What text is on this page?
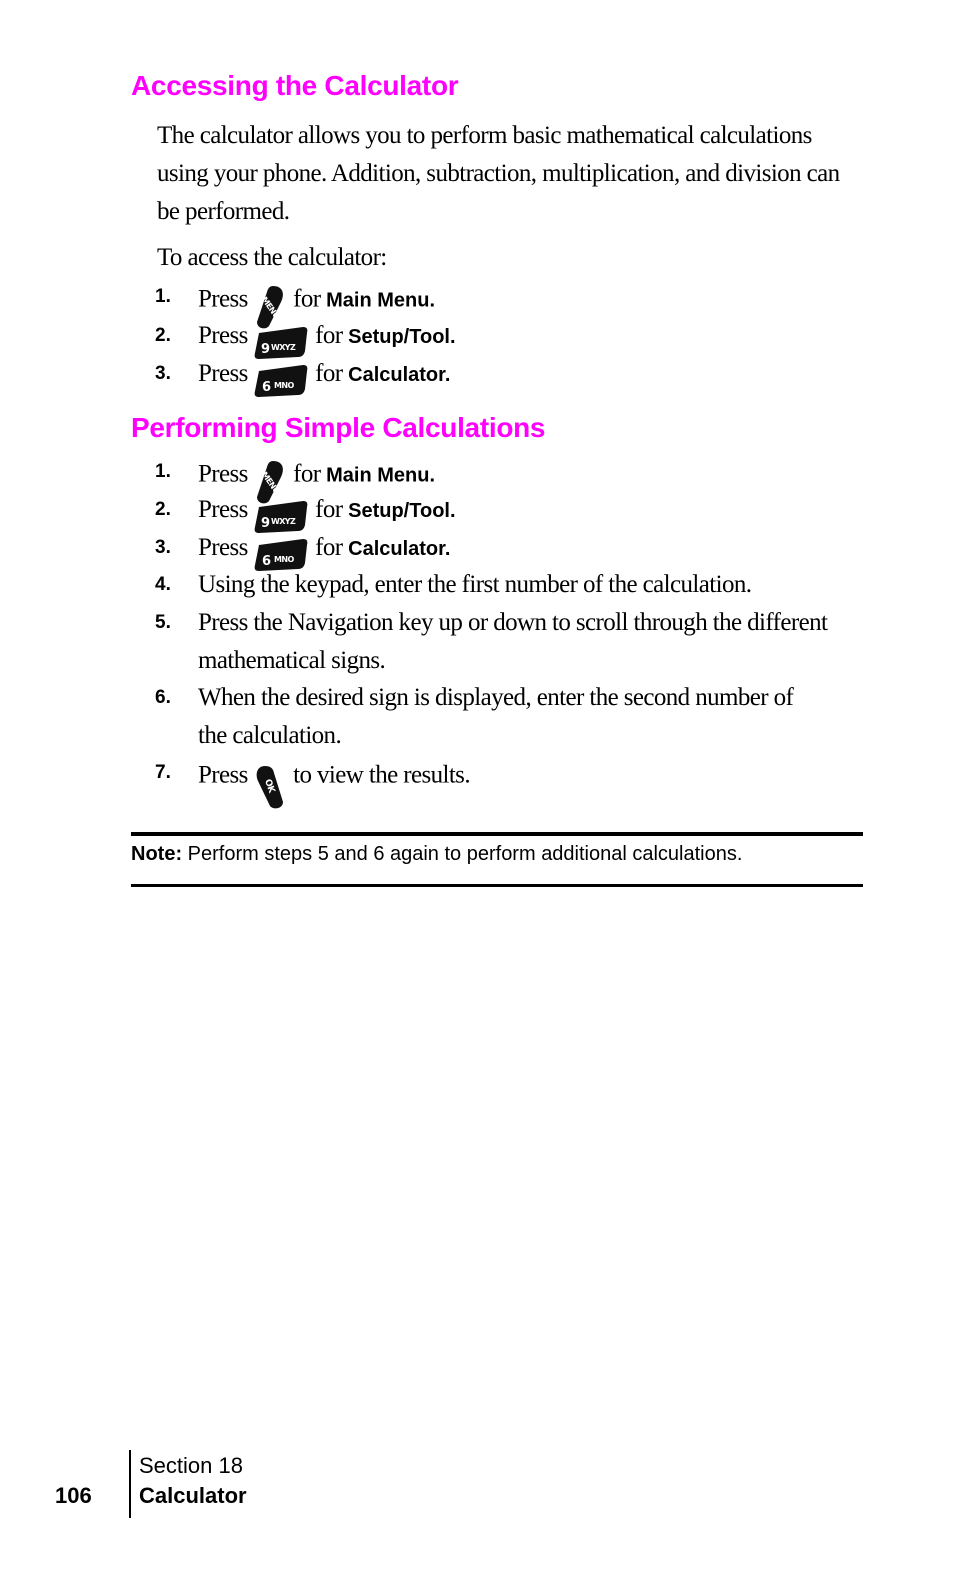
Accessing the Calculator

The calculator allows you to perform basic mathematical calculations using your phone. Addition, subtraction, multiplication, and division can be performed.

To access the calculator:

1. Press MENU for Main Menu.
2. Press
9 WXYZ for Setup/Tool.
3. Press
6 MNO for Calculator.
Performing Simple Calculations
1. Press MENU for Main Menu.
2. Press
9 WXYZ for Setup/Tool.
3. Press
6 MNO for Calculator.
4. Using the keypad, enter the first number of the calculation.
5. Press the Navigation key up or down to scroll through the different mathematical signs.
6. When the desired sign is displayed, enter the second number of the calculation.
7. Press OK to view the results.
Note: Perform steps 5 and 6 again to perform additional calculations.
106
Section 18
Calculator
